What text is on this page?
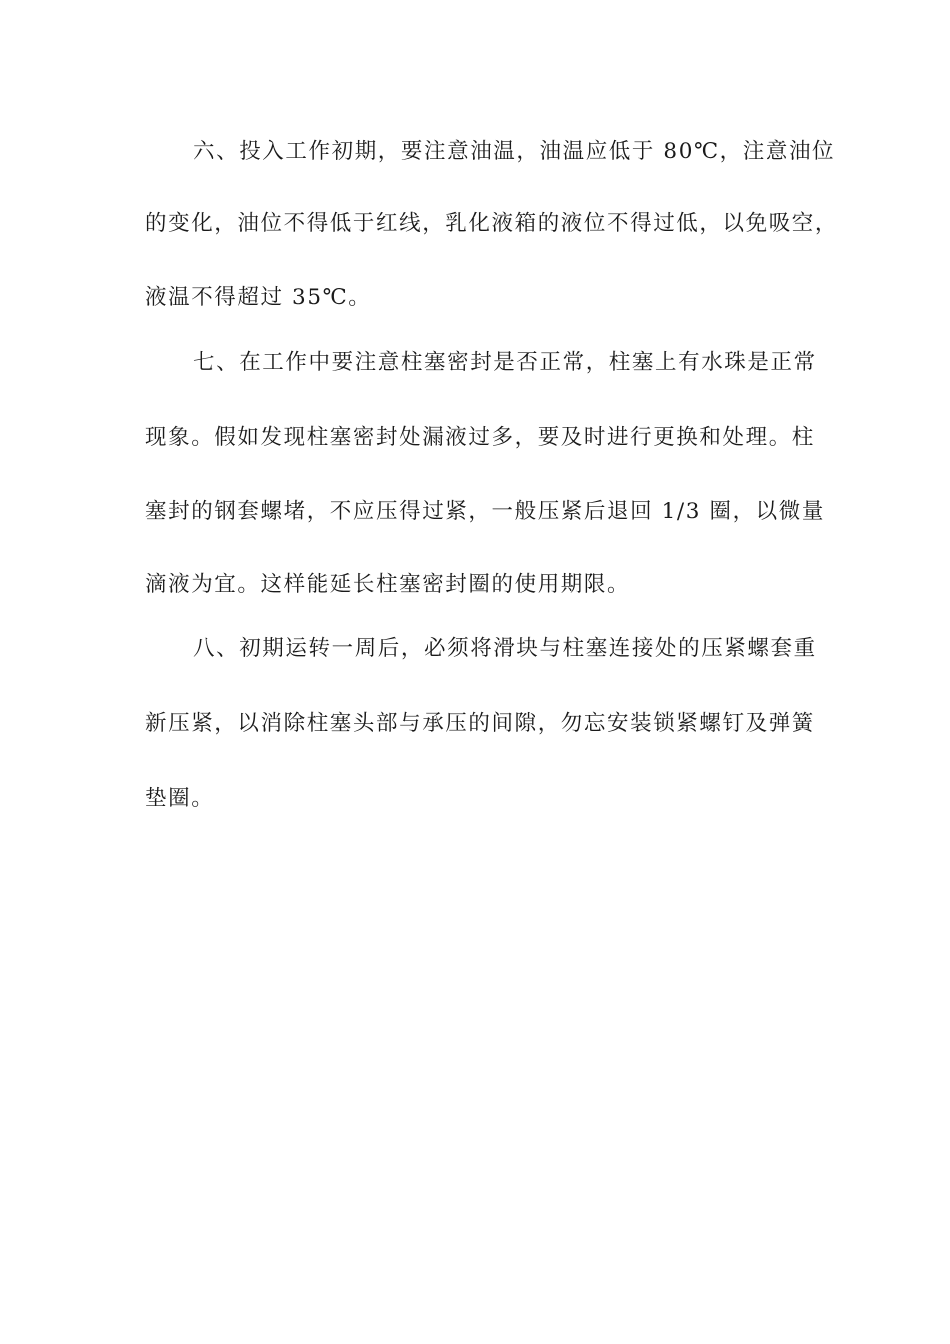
六、投入工作初期，要注意油温，油温应低于 80℃，注意油位
的变化，油位不得低于红线，乳化液箱的液位不得过低，以免吸空，
液温不得超过 35℃。
七、在工作中要注意柱塞密封是否正常，柱塞上有水珠是正常
现象。假如发现柱塞密封处漏液过多，要及时进行更换和处理。柱
塞封的钢套螺堵，不应压得过紧，一般压紧后退回 1/3 圈，以微量
滴液为宜。这样能延长柱塞密封圈的使用期限。
八、初期运转一周后，必须将滑块与柱塞连接处的压紧螺套重
新压紧，以消除柱塞头部与承压的间隙，勿忘安装锁紧螺钉及弹簧
垫圈。
